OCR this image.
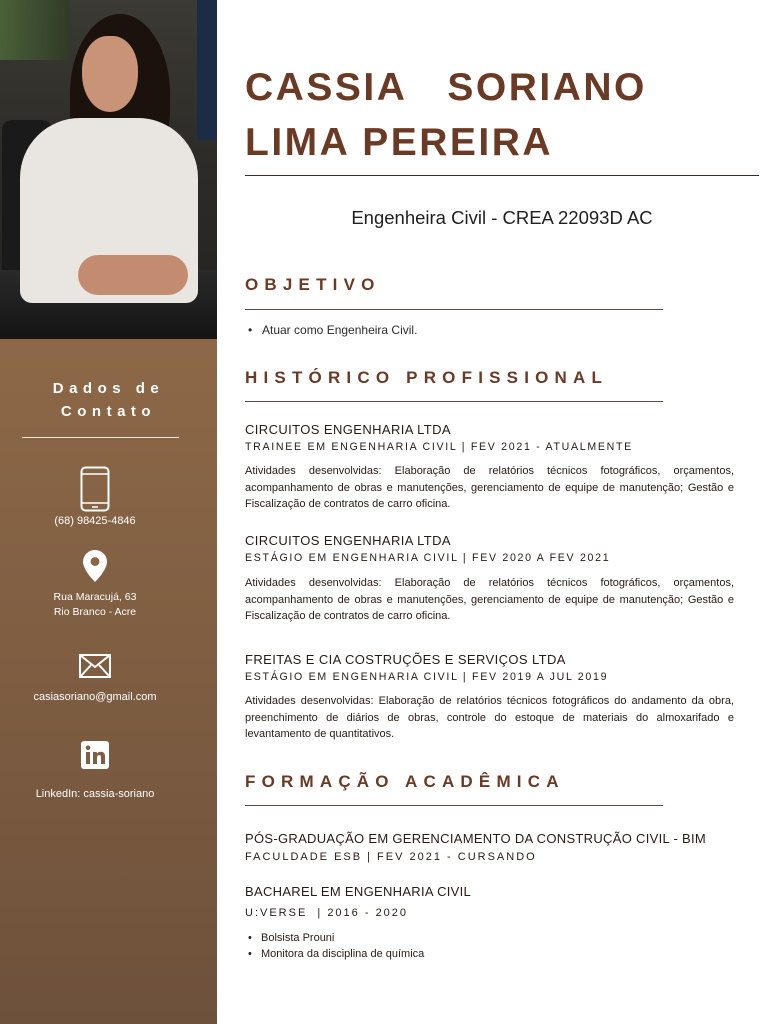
Dados de
Contato
(68) 98425-4846
Rua Maracujá, 63
Rio Branco - Acre
casiasoriano@gmail.com
LinkedIn: cassia-soriano
CASSIA SORIANO
LIMA PEREIRA
Engenheira Civil - CREA 22093D AC
OBJETIVO
• Atuar como Engenheira Civil.
HISTÓRICO PROFISSIONAL
CIRCUITOS ENGENHARIA LTDA
TRAINEE EM ENGENHARIA CIVIL | FEV 2021 - ATUALMENTE

Atividades desenvolvidas: Elaboração de relatórios técnicos fotográficos, orçamentos, acompanhamento de obras e manutenções, gerenciamento de equipe de manutenção; Gestão e Fiscalização de contratos de carro oficina.

CIRCUITOS ENGENHARIA LTDA
ESTÁGIO EM ENGENHARIA CIVIL | FEV 2020 A FEV 2021

Atividades desenvolvidas: Elaboração de relatórios técnicos fotográficos, orçamentos, acompanhamento de obras e manutenções, gerenciamento de equipe de manutenção; Gestão e Fiscalização de contratos de carro oficina.

FREITAS E CIA COSTRUÇÕES E SERVIÇOS LTDA
ESTÁGIO EM ENGENHARIA CIVIL | FEV 2019 A JUL 2019

Atividades desenvolvidas: Elaboração de relatórios técnicos fotográficos do andamento da obra, preenchimento de diários de obras, controle do estoque de materiais do almoxarifado e levantamento de quantitativos.

FORMAÇÃO ACADÊMICA
PÓS-GRADUAÇÃO EM GERENCIAMENTO DA CONSTRUÇÃO CIVIL - BIM
FACULDADE ESB | FEV 2021 - CURSANDO
BACHAREL EM ENGENHARIA CIVIL
U:VERSE  | 2016 - 2020
• Bolsista Prouni
• Monitora da disciplina de química
